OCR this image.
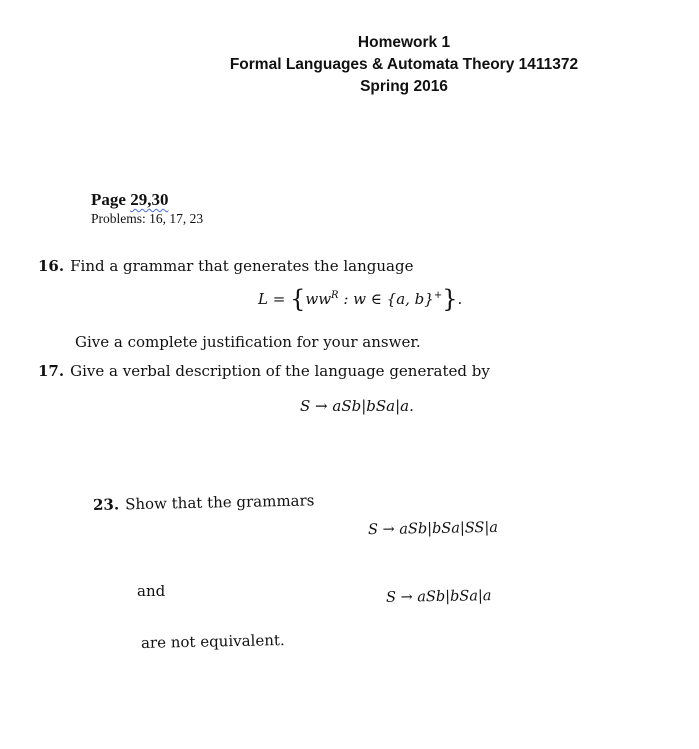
Homework 1
Formal Languages & Automata Theory 1411372
Spring 2016
Page 29,30
Problems: 16, 17, 23
16. Find a grammar that generates the language
$L = \{ww^R$ : w ∈ {a, b}+}.
Give a complete justification for your answer.
17. Give a verbal description of the language generated by
S → aSb|bSa|a.
23. Show that the grammars
S → aSb|bSa|SS|a
and	S → aSb|bSa|a
are not equivalent.
